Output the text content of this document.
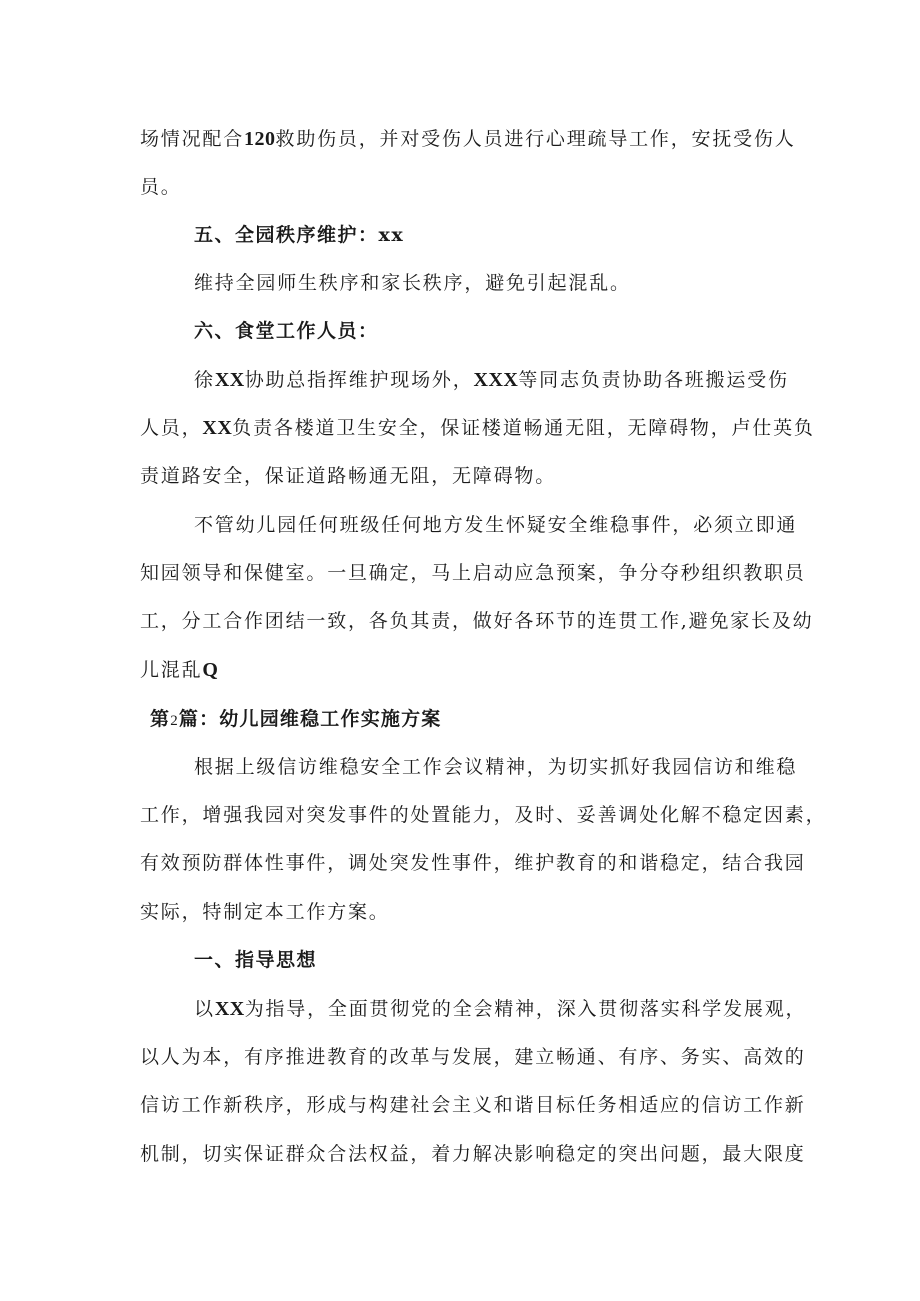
场情况配合120救助伤员，并对受伤人员进行心理疏导工作，安抚受伤人
员。
五、全园秩序维护：xx
维持全园师生秩序和家长秩序，避免引起混乱。
六、食堂工作人员：
徐XX协助总指挥维护现场外，XXX等同志负责协助各班搬运受伤
人员，XX负责各楼道卫生安全，保证楼道畅通无阻，无障碍物，卢仕英负
责道路安全，保证道路畅通无阻，无障碍物。
不管幼儿园任何班级任何地方发生怀疑安全维稳事件，必须立即通
知园领导和保健室。一旦确定，马上启动应急预案，争分夺秒组织教职员
工，分工合作团结一致，各负其责，做好各环节的连贯工作,避免家长及幼
儿混乱Q
第2篇：幼儿园维稳工作实施方案
根据上级信访维稳安全工作会议精神，为切实抓好我园信访和维稳
工作，增强我园对突发事件的处置能力，及时、妥善调处化解不稳定因素，
有效预防群体性事件，调处突发性事件，维护教育的和谐稳定，结合我园
实际，特制定本工作方案。
一、指导思想
以XX为指导，全面贯彻党的全会精神，深入贯彻落实科学发展观，
以人为本，有序推进教育的改革与发展，建立畅通、有序、务实、高效的
信访工作新秩序，形成与构建社会主义和谐目标任务相适应的信访工作新
机制，切实保证群众合法权益，着力解决影响稳定的突出问题，最大限度
